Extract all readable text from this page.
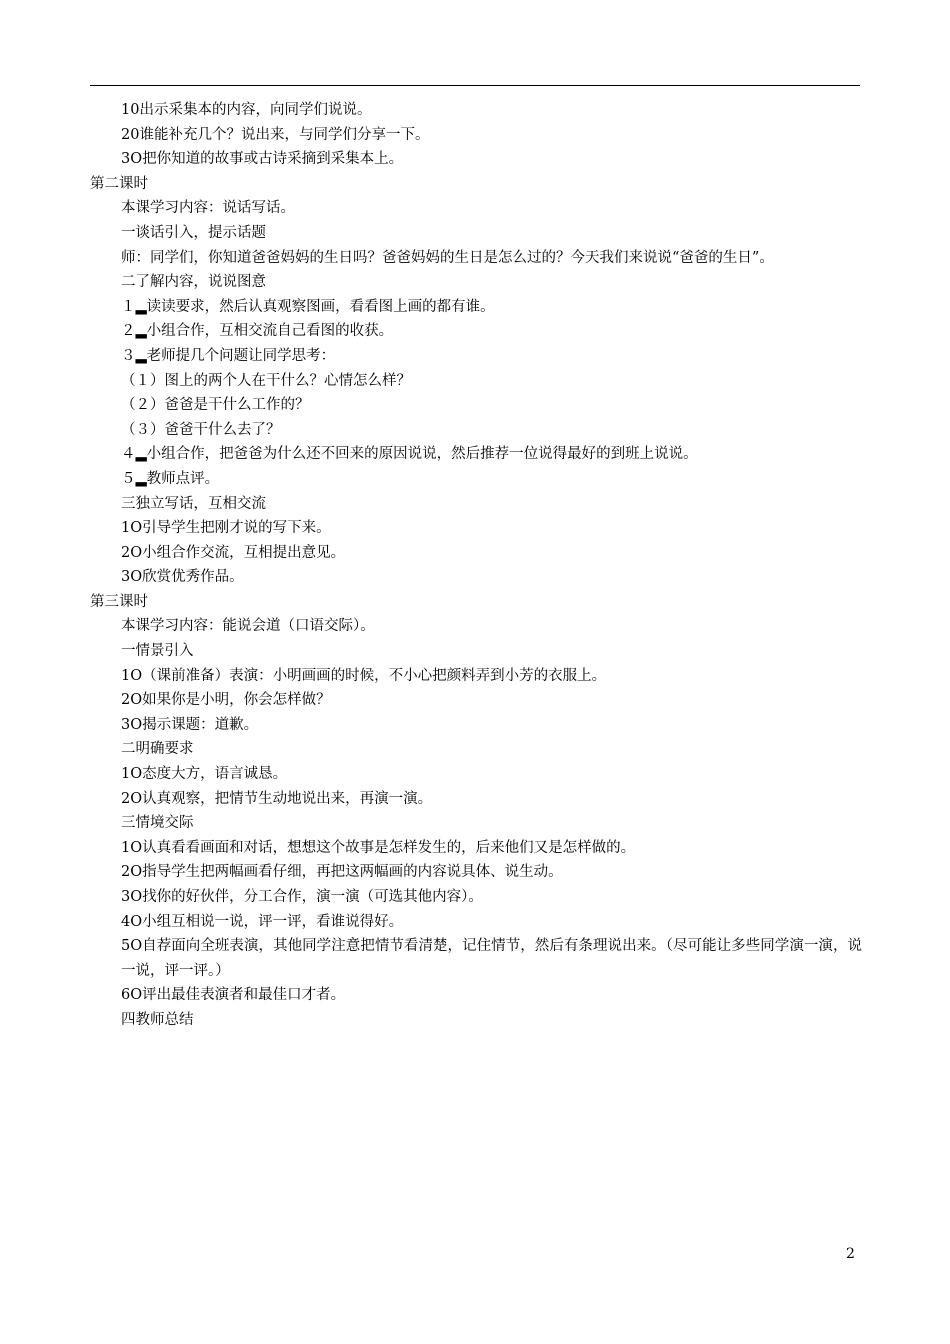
10出示采集本的内容，向同学们说说。
20谁能补充几个？说出来，与同学们分享一下。
3O把你知道的故事或古诗采摘到采集本上。
第二课时
本课学习内容：说话写话。
一谈话引入，提示话题
师：同学们，你知道爸爸妈妈的生日吗？爸爸妈妈的生日是怎么过的？今天我们来说说“爸爸的生日”。
二了解内容，说说图意
１▂读读要求，然后认真观察图画，看看图上画的都有谁。
２▂小组合作，互相交流自己看图的收获。
３▂老师提几个问题让同学思考：
（１）图上的两个人在干什么？心情怎么样？
（２）爸爸是干什么工作的？
（３）爸爸干什么去了？
４▂小组合作，把爸爸为什么还不回来的原因说说，然后推荐一位说得最好的到班上说说。
５▂教师点评。
三独立写话，互相交流
1O引导学生把刚才说的写下来。
2O小组合作交流，互相提出意见。
3O欣赏优秀作品。
第三课时
本课学习内容：能说会道（口语交际）。
一情景引入
1O（课前准备）表演：小明画画的时候，不小心把颜料弄到小芳的衣服上。
2O如果你是小明，你会怎样做？
3O揭示课题：道歉。
二明确要求
1O态度大方，语言诚恳。
2O认真观察，把情节生动地说出来，再演一演。
三情境交际
1O认真看看画面和对话，想想这个故事是怎样发生的，后来他们又是怎样做的。
2O指导学生把两幅画看仔细，再把这两幅画的内容说具体、说生动。
3O找你的好伙伴，分工合作，演一演（可选其他内容）。
4O小组互相说一说，评一评，看谁说得好。
5O自荐面向全班表演，其他同学注意把情节看清楚，记住情节，然后有条理说出来。（尽可能让多些同学演一演，说一说，评一评。）
6O评出最佳表演者和最佳口才者。
四教师总结
2
